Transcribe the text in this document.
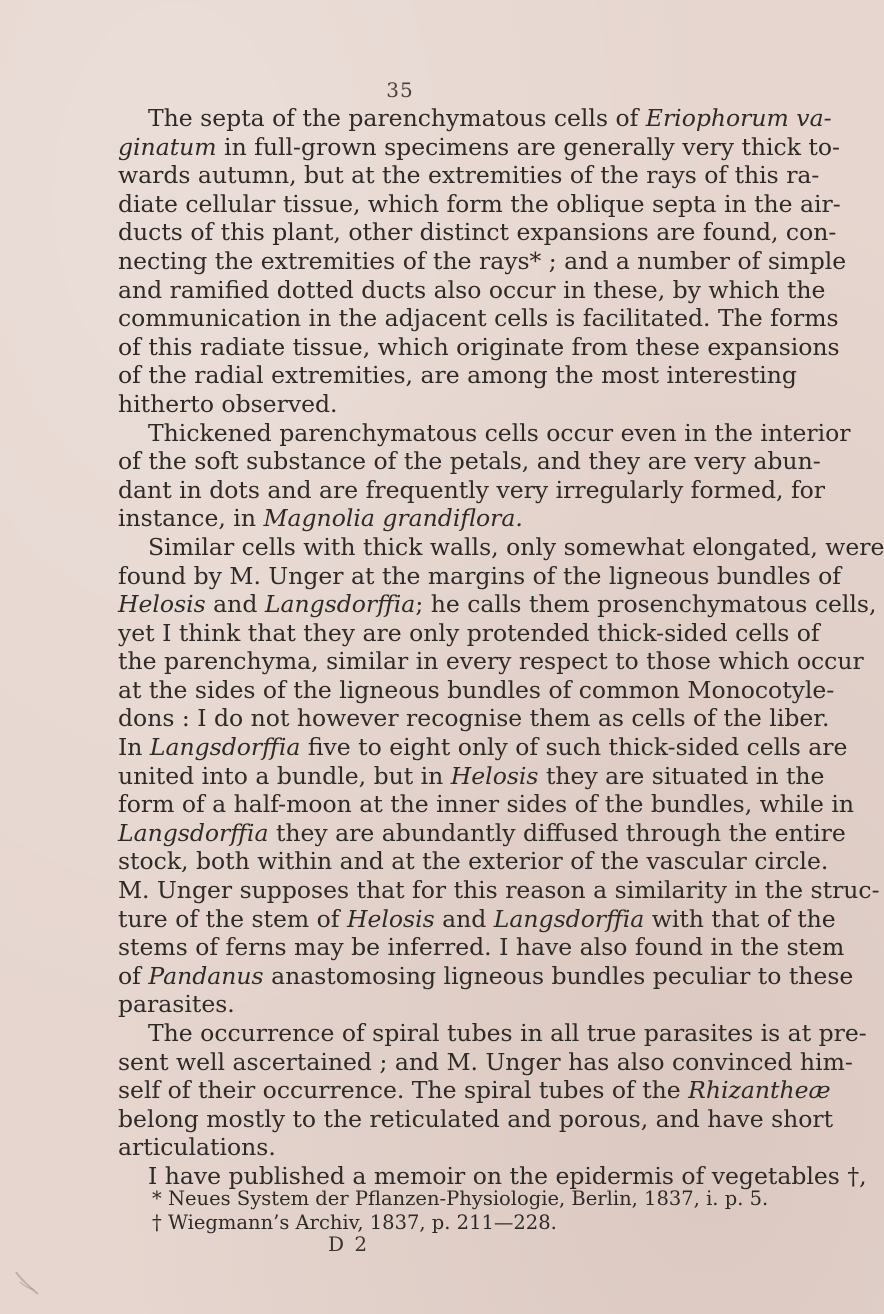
35
The septa of the parenchymatous cells of Eriophorum va-
ginatum in full-grown specimens are generally very thick to-
wards autumn, but at the extremities of the rays of this ra-
diate cellular tissue, which form the oblique septa in the air-
ducts of this plant, other distinct expansions are found, con-
necting the extremities of the rays* ; and a number of simple
and ramified dotted ducts also occur in these, by which the
communication in the adjacent cells is facilitated. The forms
of this radiate tissue, which originate from these expansions
of the radial extremities, are among the most interesting
hitherto observed.
Thickened parenchymatous cells occur even in the interior
of the soft substance of the petals, and they are very abun-
dant in dots and are frequently very irregularly formed, for
instance, in Magnolia grandiflora.
Similar cells with thick walls, only somewhat elongated, were
found by M. Unger at the margins of the ligneous bundles of
Helosis and Langsdorffia; he calls them prosenchymatous cells,
yet I think that they are only protended thick-sided cells of
the parenchyma, similar in every respect to those which occur
at the sides of the ligneous bundles of common Monocotyle-
dons : I do not however recognise them as cells of the liber.
In Langsdorffia five to eight only of such thick-sided cells are
united into a bundle, but in Helosis they are situated in the
form of a half-moon at the inner sides of the bundles, while in
Langsdorffia they are abundantly diffused through the entire
stock, both within and at the exterior of the vascular circle.
M. Unger supposes that for this reason a similarity in the struc-
ture of the stem of Helosis and Langsdorffia with that of the
stems of ferns may be inferred. I have also found in the stem
of Pandanus anastomosing ligneous bundles peculiar to these
parasites.
The occurrence of spiral tubes in all true parasites is at pre-
sent well ascertained ; and M. Unger has also convinced him-
self of their occurrence. The spiral tubes of the Rhizantheæ
belong mostly to the reticulated and porous, and have short
articulations.
I have published a memoir on the epidermis of vegetables †,
* Neues System der Pflanzen-Physiologie, Berlin, 1837, i. p. 5.
† Wiegmann’s Archiv, 1837, p. 211—228.
D 2
